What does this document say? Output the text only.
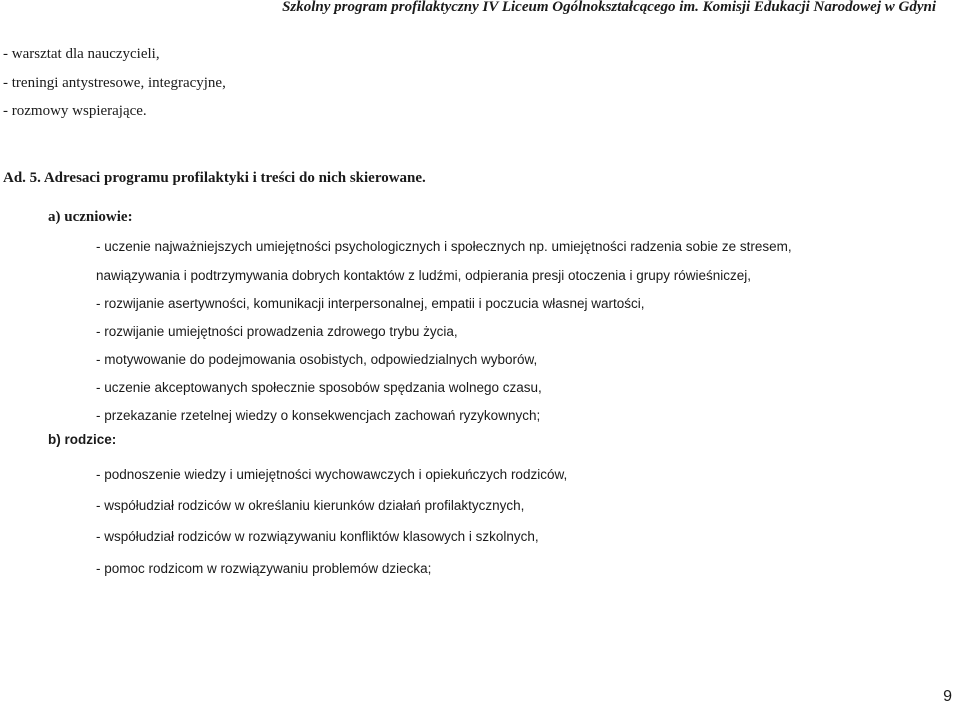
Szkolny program profilaktyczny IV Liceum Ogólnokształcącego im. Komisji Edukacji Narodowej w Gdyni
- warsztat dla nauczycieli,
- treningi antystresowe, integracyjne,
- rozmowy wspierające.
Ad. 5. Adresaci programu profilaktyki i treści do nich skierowane.
a) uczniowie:
- uczenie najważniejszych umiejętności psychologicznych i społecznych np. umiejętności radzenia sobie ze stresem,
nawiązywania i podtrzymywania dobrych kontaktów z ludźmi, odpierania presji otoczenia i grupy rówieśniczej,
- rozwijanie asertywności, komunikacji interpersonalnej, empatii i poczucia własnej wartości,
- rozwijanie umiejętności prowadzenia zdrowego trybu życia,
- motywowanie do podejmowania osobistych, odpowiedzialnych wyborów,
- uczenie akceptowanych społecznie sposobów spędzania wolnego czasu,
- przekazanie rzetelnej wiedzy o konsekwencjach zachowań ryzykownych;
b) rodzice:
- podnoszenie wiedzy i umiejętności wychowawczych i opiekuńczych rodziców,
- współudział rodziców w określaniu kierunków działań profilaktycznych,
- współudział rodziców w rozwiązywaniu konfliktów klasowych i szkolnych,
- pomoc rodzicom w rozwiązywaniu problemów dziecka;
9
